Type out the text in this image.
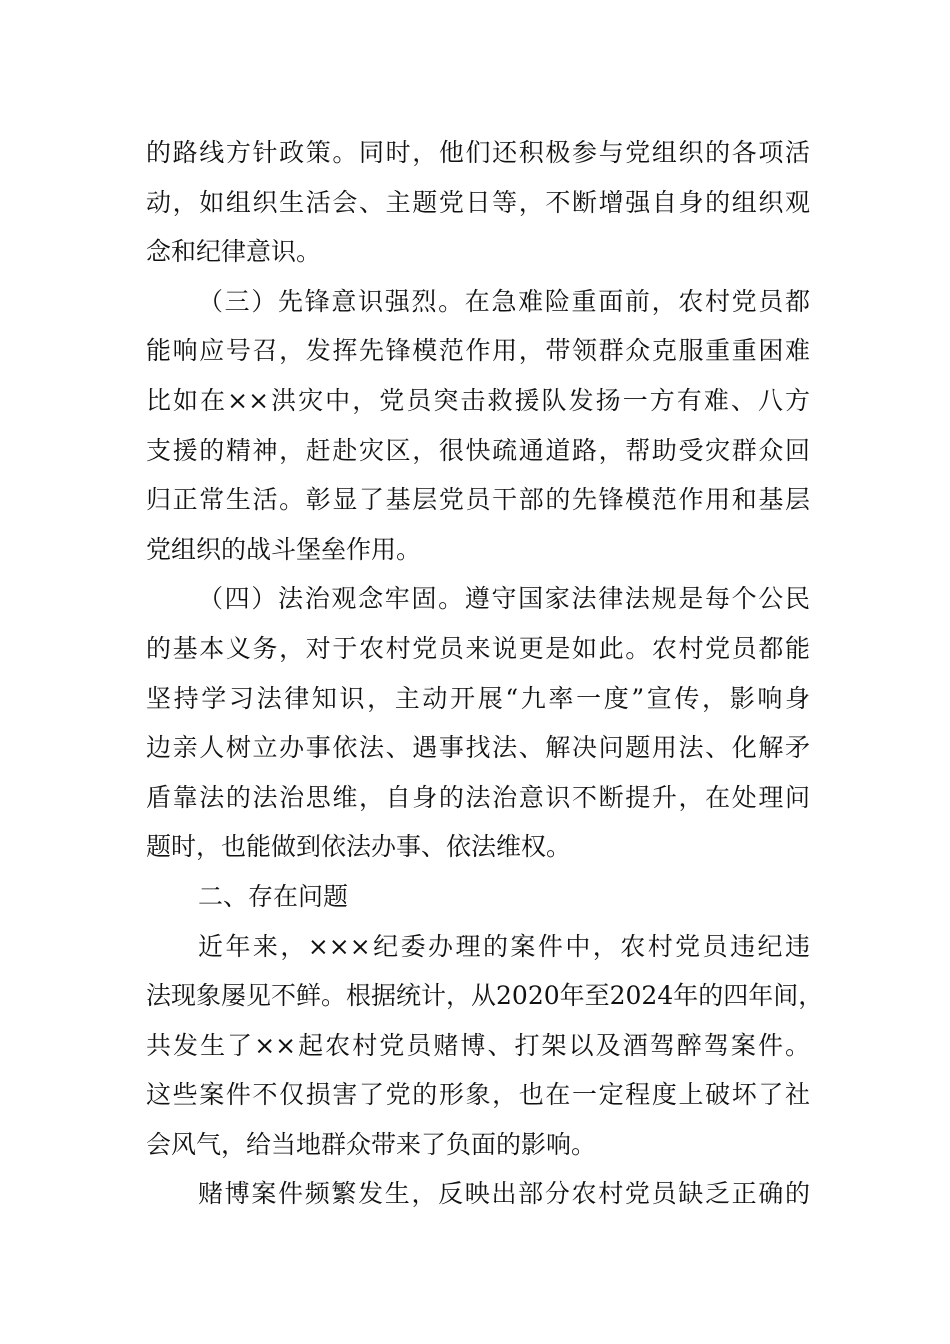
的路线方针政策。同时，他们还积极参与党组织的各项活
动，如组织生活会、主题党日等，不断增强自身的组织观
念和纪律意识。
（三）先锋意识强烈。在急难险重面前，农村党员都
能响应号召，发挥先锋模范作用，带领群众克服重重困难
比如在××洪灾中，党员突击救援队发扬一方有难、八方
支援的精神，赶赴灾区，很快疏通道路，帮助受灾群众回
归正常生活。彰显了基层党员干部的先锋模范作用和基层
党组织的战斗堡垒作用。
（四）法治观念牢固。遵守国家法律法规是每个公民
的基本义务，对于农村党员来说更是如此。农村党员都能
坚持学习法律知识，主动开展“九率一度”宣传，影响身
边亲人树立办事依法、遇事找法、解决问题用法、化解矛
盾靠法的法治思维，自身的法治意识不断提升，在处理问
题时，也能做到依法办事、依法维权。
二、存在问题
近年来，×××纪委办理的案件中，农村党员违纪违
法现象屡见不鲜。根据统计，从2020年至2024年的四年间，
共发生了××起农村党员赌博、打架以及酒驾醉驾案件。
这些案件不仅损害了党的形象，也在一定程度上破坏了社
会风气，给当地群众带来了负面的影响。
赌博案件频繁发生，反映出部分农村党员缺乏正确的
